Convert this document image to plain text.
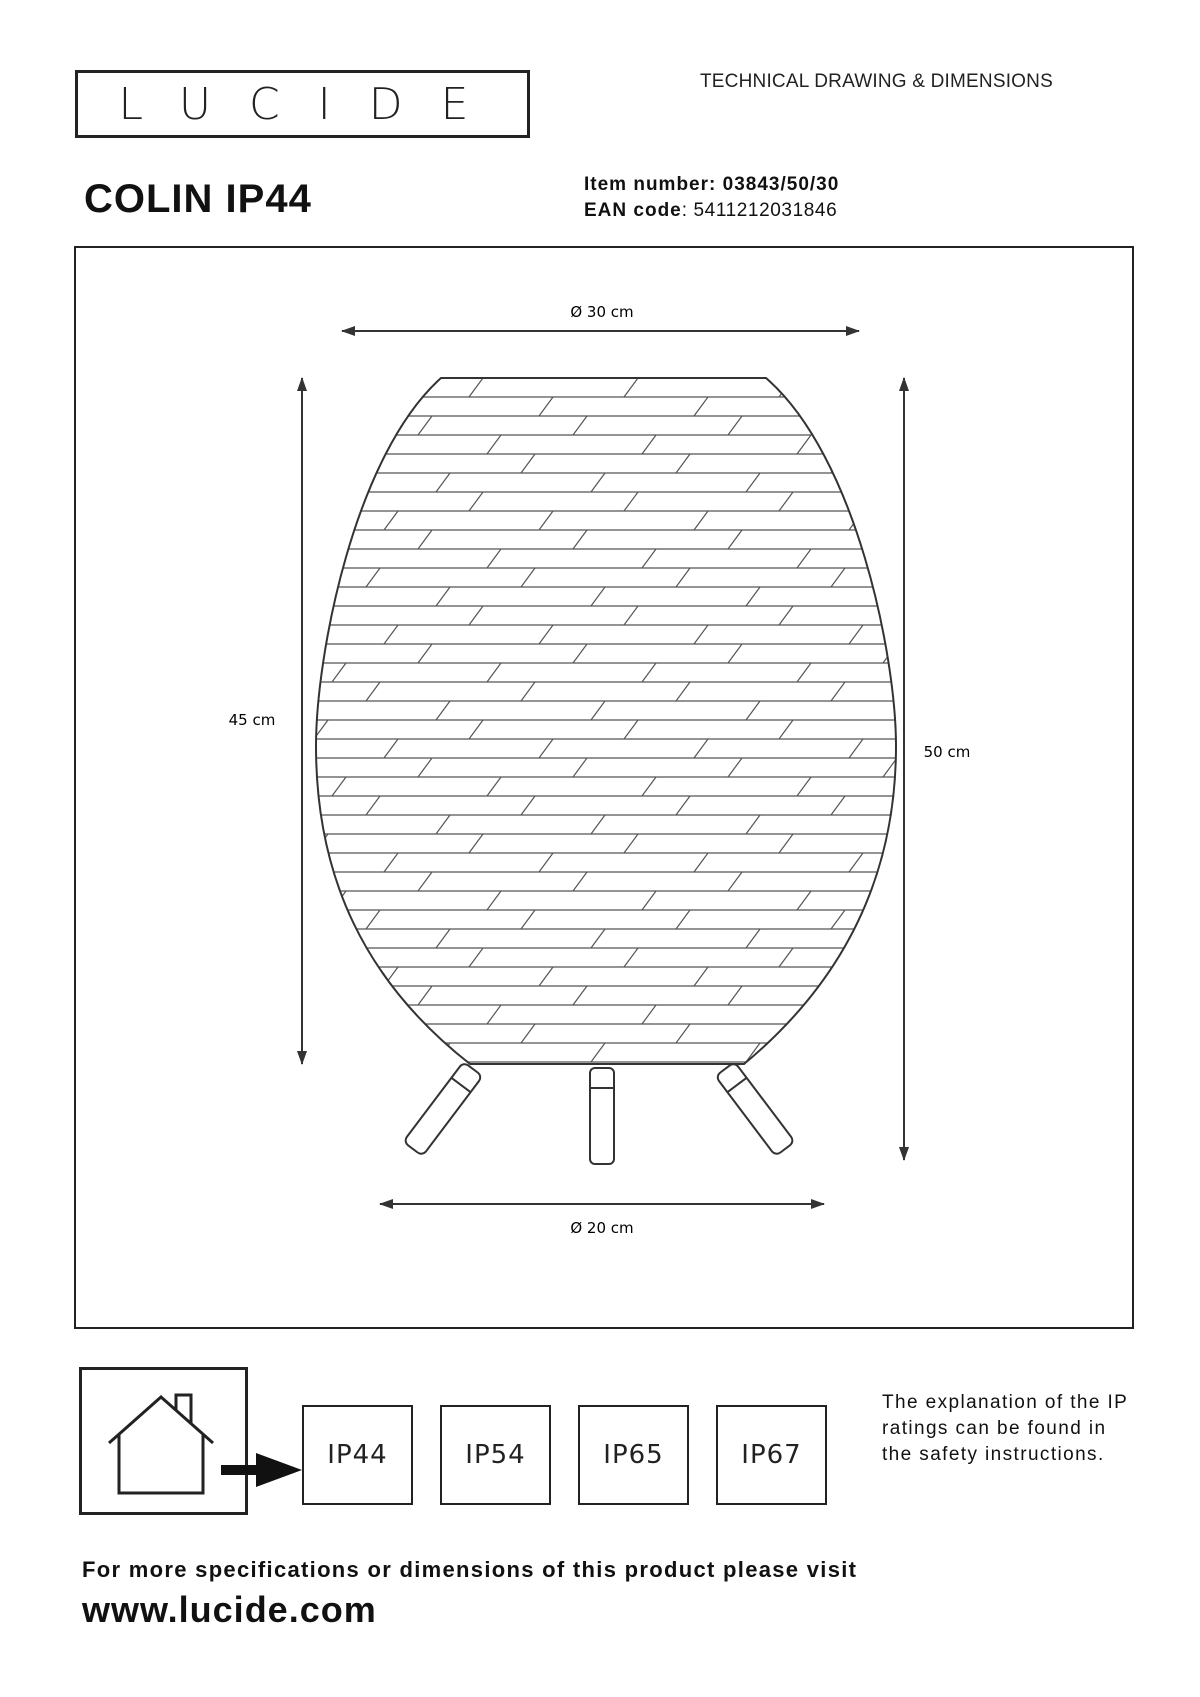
LUCIDE	TECHNICAL DRAWING & DIMENSIONS
COLIN IP44	Item number: 03843/50/30
EAN code: 5411212031846
Ø 30 cm
45 cm
50 cm
Ø 20 cm
IP44	IP54	IP65	IP67
The explanation of the IP ratings can be found in the safety instructions.
For more specifications or dimensions of this product please visit
www.lucide.com
